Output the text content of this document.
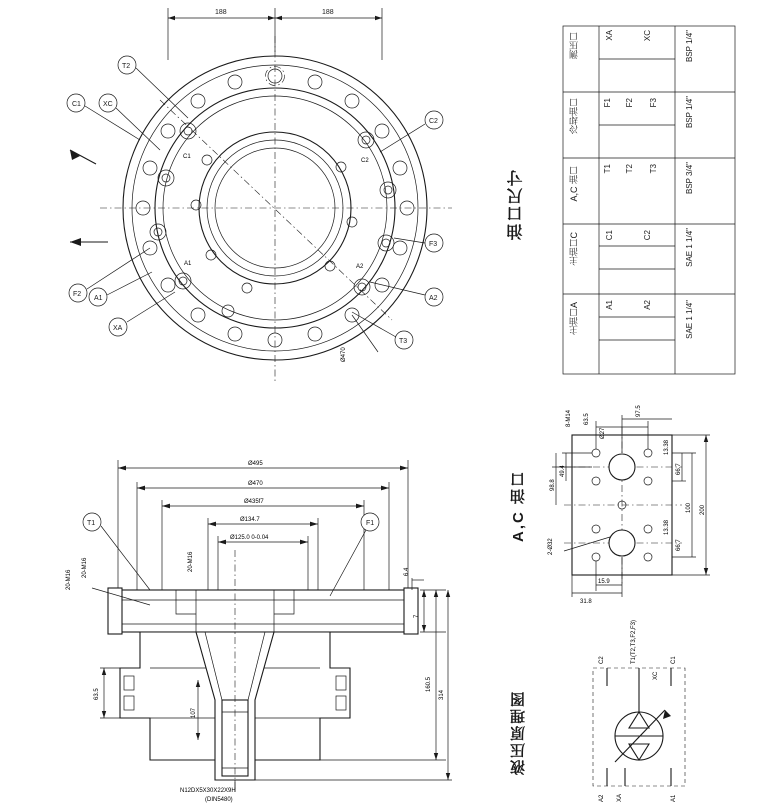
188	188
T2
C1	XC
C2
F3
A2
T3
XA
A1
F2
C1
C2
A1	A2
Ø470
Ø495
Ø470
Ø435f7
Ø134.7
Ø125.0 0-0.04
7
160.5
314
6.4
63.5
107
20-M16
20-M16
20-M16
N12DX5X30X22X9H
(DIN5480)
T1	F1
测压口	XA	XC	BSP 1/4"
冷却油口	F1 F2 F3	BSP 1/4"
A,C 油口	T1 T2 T3	BSP 3/4"
主油口C	C1	C2	SAE 1 1/4"
主油口A	A1	A2	SAE 1 1/4"
油口尺寸
63.5
8-M14	97.5
Ø27
98.8
49.4
200
100
66.7
13.38
13.38
66.7
15.9
31.8
2-Ø32
A,C 油口
C2	T1(T2,T3,F2,F3)	C1
XC
A2 XA	A1
液压原理图
